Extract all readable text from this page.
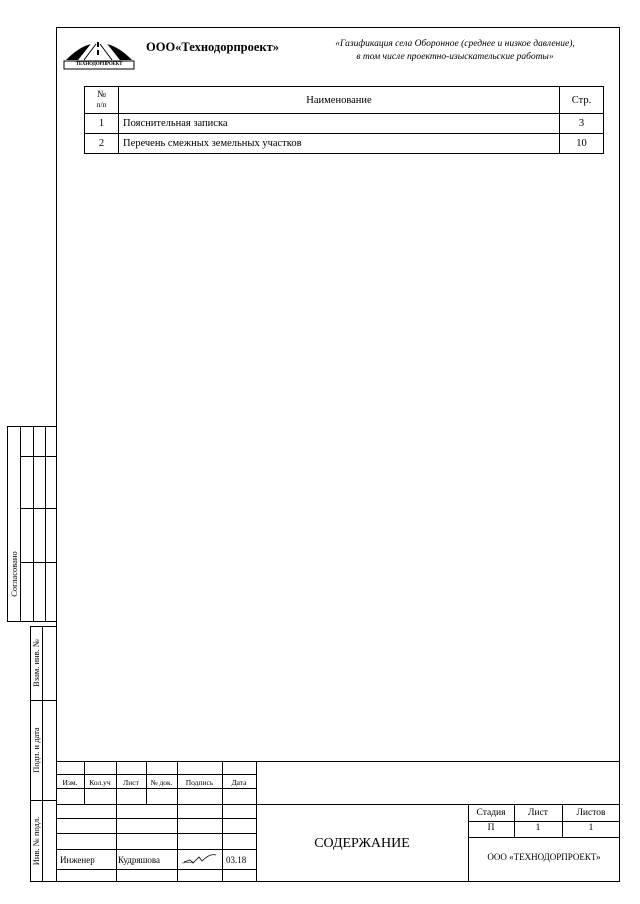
ТЕХНОДОРПРОЕКТ
ООО«Технодорпроект»	«Газификация села Оборонное (среднее и низкое давление),
в том числе проектно-изыскательские работы»
№
п/п	Наименование	Стр.
1	Пояснительная записка	3
2	Перечень смежных земельных участков	10
Согласовано
Взам. инв. №
Подп. и дата
Инв. № подл.
Изм.	Кол.уч	Лист	№ док.	Подпись	Дата
Инженер	Кудряшова	03.18
СОДЕРЖАНИЕ
Стадия	Лист	Листов
П	1	1
ООО «ТЕХНОДОРПРОЕКТ»
